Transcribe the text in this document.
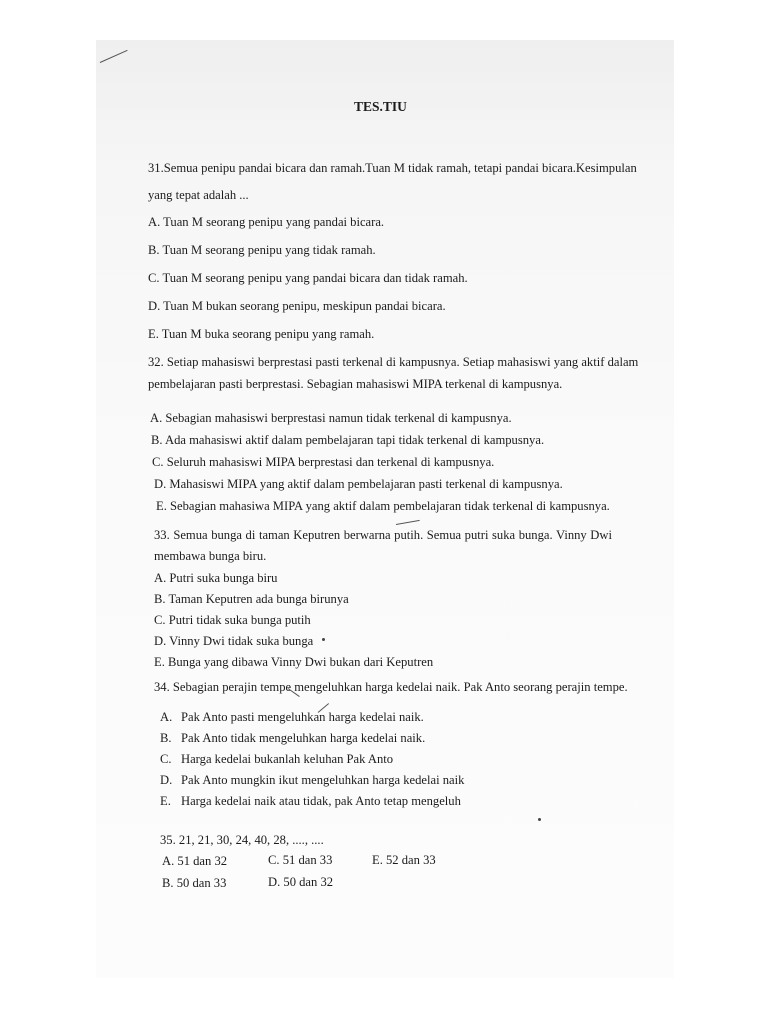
TES.TIU
31.Semua penipu pandai bicara dan ramah.Tuan M tidak ramah, tetapi pandai bicara.Kesimpulan
yang tepat adalah ...
A. Tuan M seorang penipu yang pandai bicara.
B. Tuan M seorang penipu yang tidak ramah.
C. Tuan M seorang penipu yang pandai bicara dan tidak ramah.
D. Tuan M bukan seorang penipu, meskipun pandai bicara.
E. Tuan M buka seorang penipu yang ramah.
32. Setiap mahasiswi berprestasi pasti terkenal di kampusnya. Setiap mahasiswi yang aktif dalam
pembelajaran pasti berprestasi. Sebagian mahasiswi MIPA terkenal di kampusnya.
A. Sebagian mahasiswi berprestasi namun tidak terkenal di kampusnya.
B. Ada mahasiswi aktif dalam pembelajaran tapi tidak terkenal di kampusnya.
C. Seluruh mahasiswi MIPA berprestasi dan terkenal di kampusnya.
D. Mahasiswi MIPA yang aktif dalam pembelajaran pasti terkenal di kampusnya.
E. Sebagian mahasiwa MIPA yang aktif dalam pembelajaran tidak terkenal di kampusnya.
33. Semua bunga di taman Keputren berwarna putih. Semua putri suka bunga. Vinny Dwi
membawa bunga biru.
A. Putri suka bunga biru
B. Taman Keputren ada bunga birunya
C. Putri tidak suka bunga putih
D. Vinny Dwi tidak suka bunga
E. Bunga yang dibawa Vinny Dwi bukan dari Keputren
34. Sebagian perajin tempe mengeluhkan harga kedelai naik. Pak Anto seorang perajin tempe.
A. Pak Anto pasti mengeluhkan harga kedelai naik.
B. Pak Anto tidak mengeluhkan harga kedelai naik.
C. Harga kedelai bukanlah keluhan Pak Anto
D. Pak Anto mungkin ikut mengeluhkan harga kedelai naik
E. Harga kedelai naik atau tidak, pak Anto tetap mengeluh
35. 21, 21, 30, 24, 40, 28, ...., ....
A. 51 dan 32	C. 51 dan 33	E. 52 dan 33
B. 50 dan 33	D. 50 dan 32
